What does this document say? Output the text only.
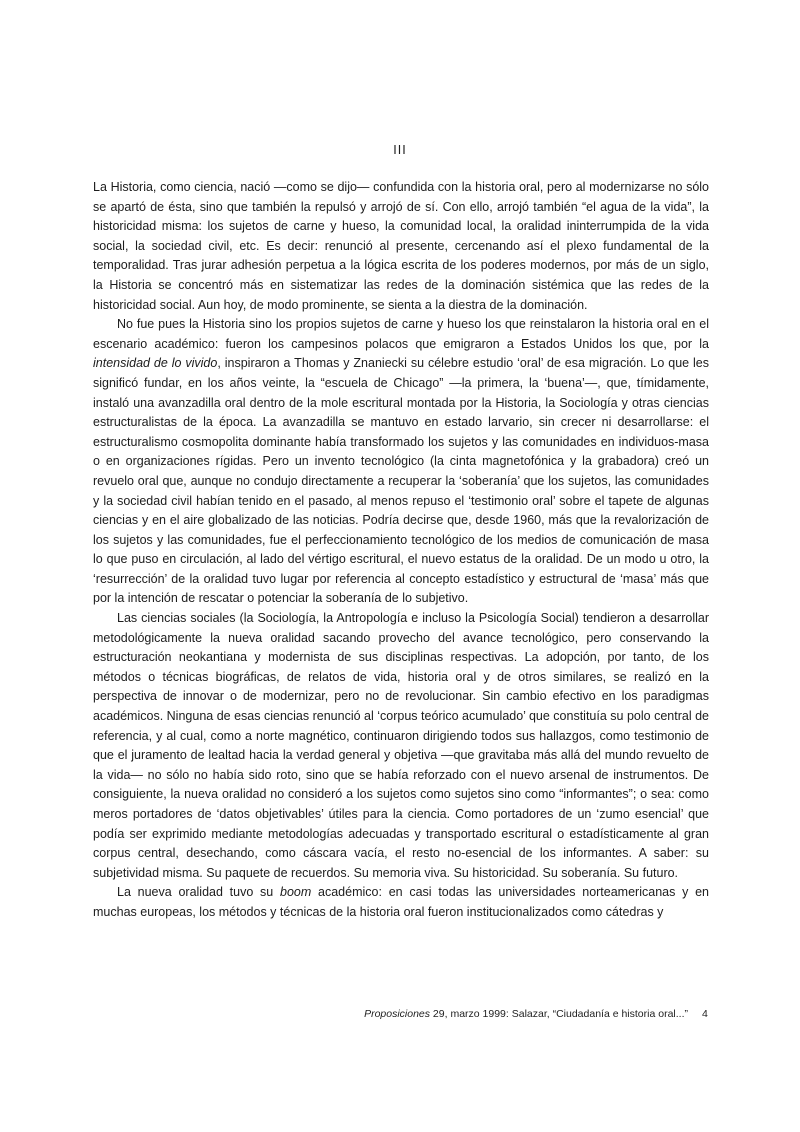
III

La Historia, como ciencia, nació —como se dijo— confundida con la historia oral, pero al modernizarse no sólo se apartó de ésta, sino que también la repulsó y arrojó de sí. Con ello, arrojó también “el agua de la vida”, la historicidad misma: los sujetos de carne y hueso, la comunidad local, la oralidad ininterrumpida de la vida social, la sociedad civil, etc. Es decir: renunció al presente, cercenando así el plexo fundamental de la temporalidad. Tras jurar adhesión perpetua a la lógica escrita de los poderes modernos, por más de un siglo, la Historia se concentró más en sistematizar las redes de la dominación sistémica que las redes de la historicidad social. Aun hoy, de modo prominente, se sienta a la diestra de la dominación.

No fue pues la Historia sino los propios sujetos de carne y hueso los que reinstalaron la historia oral en el escenario académico: fueron los campesinos polacos que emigraron a Estados Unidos los que, por la intensidad de lo vivido, inspiraron a Thomas y Znaniecki su célebre estudio ‘oral’ de esa migración. Lo que les significó fundar, en los años veinte, la “escuela de Chicago” —la primera, la ‘buena’—, que, tímidamente, instaló una avanzadilla oral dentro de la mole escritural montada por la Historia, la Sociología y otras ciencias estructuralistas de la época. La avanzadilla se mantuvo en estado larvario, sin crecer ni desarrollarse: el estructuralismo cosmopolita dominante había transformado los sujetos y las comunidades en individuos-masa o en organizaciones rígidas. Pero un invento tecnológico (la cinta magnetofónica y la grabadora) creó un revuelo oral que, aunque no condujo directamente a recuperar la ‘soberanía’ que los sujetos, las comunidades y la sociedad civil habían tenido en el pasado, al menos repuso el ‘testimonio oral’ sobre el tapete de algunas ciencias y en el aire globalizado de las noticias. Podría decirse que, desde 1960, más que la revalorización de los sujetos y las comunidades, fue el perfeccionamiento tecnológico de los medios de comunicación de masa lo que puso en circulación, al lado del vértigo escritural, el nuevo estatus de la oralidad. De un modo u otro, la ‘resurrección’ de la oralidad tuvo lugar por referencia al concepto estadístico y estructural de ‘masa’ más que por la intención de rescatar o potenciar la soberanía de lo subjetivo.

Las ciencias sociales (la Sociología, la Antropología e incluso la Psicología Social) tendieron a desarrollar metodológicamente la nueva oralidad sacando provecho del avance tecnológico, pero conservando la estructuración neokantiana y modernista de sus disciplinas respectivas. La adopción, por tanto, de los métodos o técnicas biográficas, de relatos de vida, historia oral y de otros similares, se realizó en la perspectiva de innovar o de modernizar, pero no de revolucionar. Sin cambio efectivo en los paradigmas académicos. Ninguna de esas ciencias renunció al ‘corpus teórico acumulado’ que constituía su polo central de referencia, y al cual, como a norte magnético, continuaron dirigiendo todos sus hallazgos, como testimonio de que el juramento de lealtad hacia la verdad general y objetiva —que gravitaba más allá del mundo revuelto de la vida— no sólo no había sido roto, sino que se había reforzado con el nuevo arsenal de instrumentos. De consiguiente, la nueva oralidad no consideró a los sujetos como sujetos sino como “informantes”; o sea: como meros portadores de ‘datos objetivables’ útiles para la ciencia. Como portadores de un ‘zumo esencial’ que podía ser exprimido mediante metodologías adecuadas y transportado escritural o estadísticamente al gran corpus central, desechando, como cáscara vacía, el resto no-esencial de los informantes. A saber: su subjetividad misma. Su paquete de recuerdos. Su memoria viva. Su historicidad. Su soberanía. Su futuro.

La nueva oralidad tuvo su boom académico: en casi todas las universidades norteamericanas y en muchas europeas, los métodos y técnicas de la historia oral fueron institucionalizados como cátedras y

Proposiciones 29, marzo 1999: Salazar, “Ciudadanía e historia oral...” 4
